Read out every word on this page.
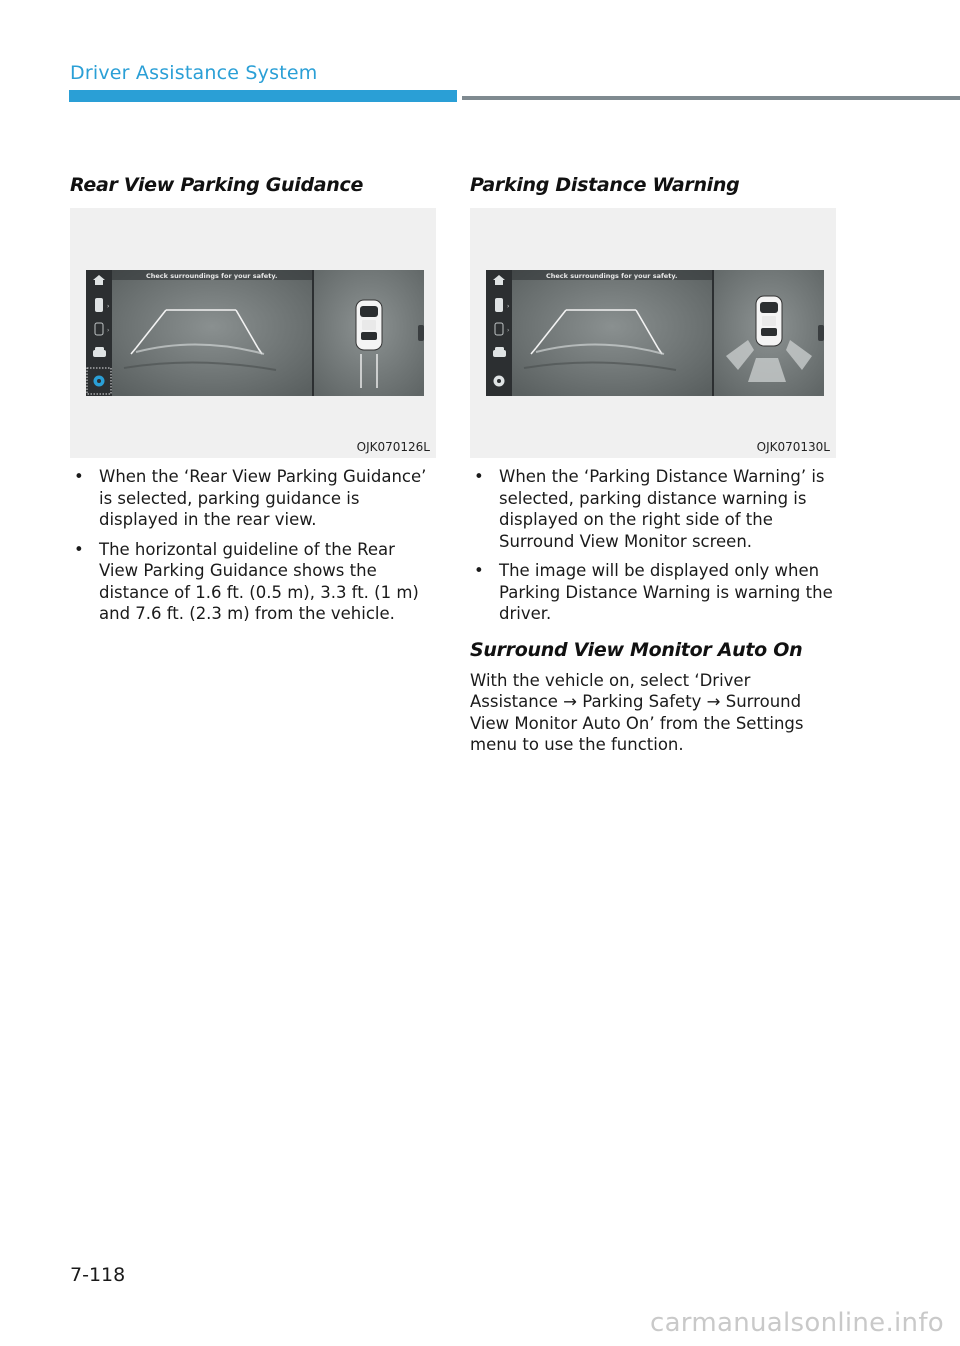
Driver Assistance System
Rear View Parking Guidance
Check surroundings for your safety.
›
›
OJK070126L
• When the ‘Rear View Parking Guidance’ is selected, parking guidance is displayed in the rear view.
• The horizontal guideline of the Rear View Parking Guidance shows the distance of 1.6 ft. (0.5 m), 3.3 ft. (1 m) and 7.6 ft. (2.3 m) from the vehicle.
Parking Distance Warning
Check surroundings for your safety.
›
›
OJK070130L
• When the ‘Parking Distance Warning’ is selected, parking distance warning is displayed on the right side of the Surround View Monitor screen.
• The image will be displayed only when Parking Distance Warning is warning the driver.
Surround View Monitor Auto On

With the vehicle on, select ‘Driver Assistance → Parking Safety → Surround View Monitor Auto On’ from the Settings menu to use the function.

7-118
carmanualsonline.info
